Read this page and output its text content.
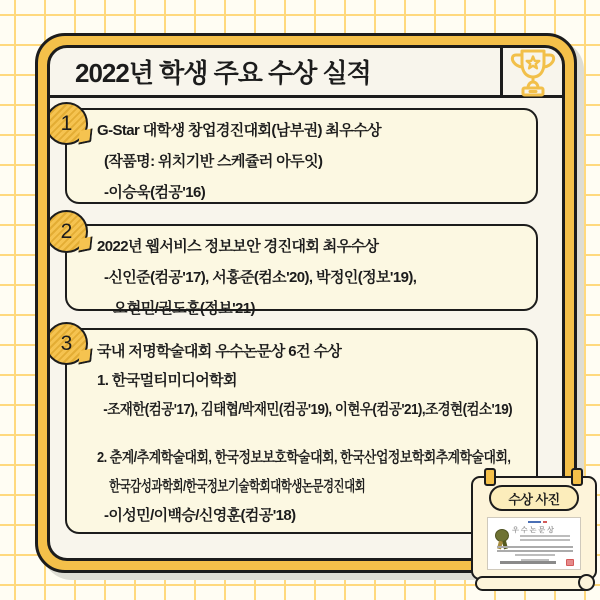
2022년 학생 주요 수상 실적
G-Star 대학생 창업경진대회(남부권) 최우수상
(작품명: 위치기반 스케쥴러 아두잇)
-이승욱(컴공'16)
1
2022년 웹서비스 정보보안 경진대회 최우수상
-신인준(컴공'17), 서홍준(컴소'20), 박정인(정보'19),
오현민/권도훈(정보'21)
2
국내 저명학술대회 우수논문상 6건 수상
1. 한국멀티미디어학회
-조재한(컴공'17), 김태협/박재민(컴공'19), 이현우(컴공'21),조경현(컴소'19)
2. 춘계/추계학술대회, 한국정보보호학술대회, 한국산업정보학회추계학술대회,
한국감성과학회/한국정보기술학회대학생논문경진대회
-이성민/이백승/신영훈(컴공'18)
3
수상 사진
우수논문상
